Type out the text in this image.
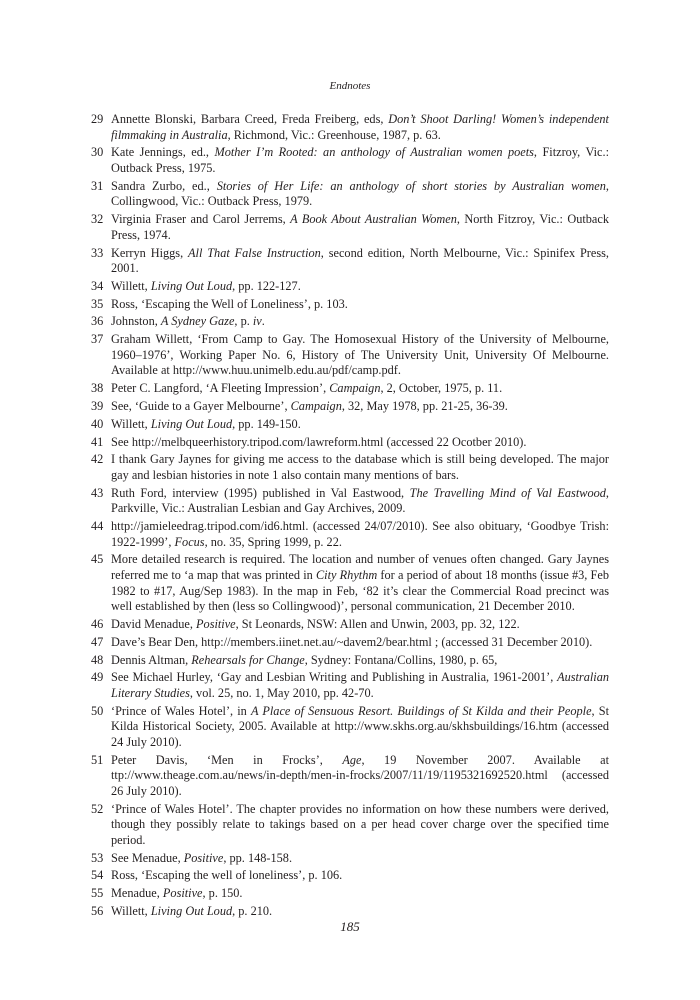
Endnotes
29 Annette Blonski, Barbara Creed, Freda Freiberg, eds, Don’t Shoot Darling! Women’s independent filmmaking in Australia, Richmond, Vic.: Greenhouse, 1987, p. 63.
30 Kate Jennings, ed., Mother I’m Rooted: an anthology of Australian women poets, Fitzroy, Vic.: Outback Press, 1975.
31 Sandra Zurbo, ed., Stories of Her Life: an anthology of short stories by Australian women, Collingwood, Vic.: Outback Press, 1979.
32 Virginia Fraser and Carol Jerrems, A Book About Australian Women, North Fitzroy, Vic.: Outback Press, 1974.
33 Kerryn Higgs, All That False Instruction, second edition, North Melbourne, Vic.: Spinifex Press, 2001.
34 Willett, Living Out Loud, pp. 122-127.
35 Ross, ‘Escaping the Well of Loneliness’, p. 103.
36 Johnston, A Sydney Gaze, p. iv.
37 Graham Willett, ‘From Camp to Gay. The Homosexual History of the University of Melbourne, 1960–1976’, Working Paper No. 6, History of The University Unit, University Of Melbourne. Available at http://www.huu.unimelb.edu.au/pdf/camp.pdf.
38 Peter C. Langford, ‘A Fleeting Impression’, Campaign, 2, October, 1975, p. 11.
39 See, ‘Guide to a Gayer Melbourne’, Campaign, 32, May 1978, pp. 21-25, 36-39.
40 Willett, Living Out Loud, pp. 149-150.
41 See http://melbqueerhistory.tripod.com/lawreform.html (accessed 22 Ocotber 2010).
42 I thank Gary Jaynes for giving me access to the database which is still being developed. The major gay and lesbian histories in note 1 also contain many mentions of bars.
43 Ruth Ford, interview (1995) published in Val Eastwood, The Travelling Mind of Val Eastwood, Parkville, Vic.: Australian Lesbian and Gay Archives, 2009.
44 http://jamieleedrag.tripod.com/id6.html. (accessed 24/07/2010). See also obituary, ‘Goodbye Trish: 1922-1999’, Focus, no. 35, Spring 1999, p. 22.
45 More detailed research is required. The location and number of venues often changed. Gary Jaynes referred me to ‘a map that was printed in City Rhythm for a period of about 18 months (issue #3, Feb 1982 to #17, Aug/Sep 1983). In the map in Feb, ‘82 it’s clear the Commercial Road precinct was well established by then (less so Collingwood)’, personal communication, 21 December 2010.
46 David Menadue, Positive, St Leonards, NSW: Allen and Unwin, 2003, pp. 32, 122.
47 Dave’s Bear Den, http://members.iinet.net.au/~davem2/bear.html ; (accessed 31 December 2010).
48 Dennis Altman, Rehearsals for Change, Sydney: Fontana/Collins, 1980, p. 65,
49 See Michael Hurley, ‘Gay and Lesbian Writing and Publishing in Australia, 1961-2001’, Australian Literary Studies, vol. 25, no. 1, May 2010, pp. 42-70.
50 ‘Prince of Wales Hotel’, in A Place of Sensuous Resort. Buildings of St Kilda and their People, St Kilda Historical Society, 2005. Available at http://www.skhs.org.au/skhsbuildings/16.htm (accessed 24 July 2010).
51 Peter Davis, ‘Men in Frocks’, Age, 19 November 2007. Available at ttp://www.theage.com.au/news/in-depth/men-in-frocks/2007/11/19/1195321692520.html (accessed 26 July 2010).
52 ‘Prince of Wales Hotel’. The chapter provides no information on how these numbers were derived, though they possibly relate to takings based on a per head cover charge over the specified time period.
53 See Menadue, Positive, pp. 148-158.
54 Ross, ‘Escaping the well of loneliness’, p. 106.
55 Menadue, Positive, p. 150.
56 Willett, Living Out Loud, p. 210.
185
